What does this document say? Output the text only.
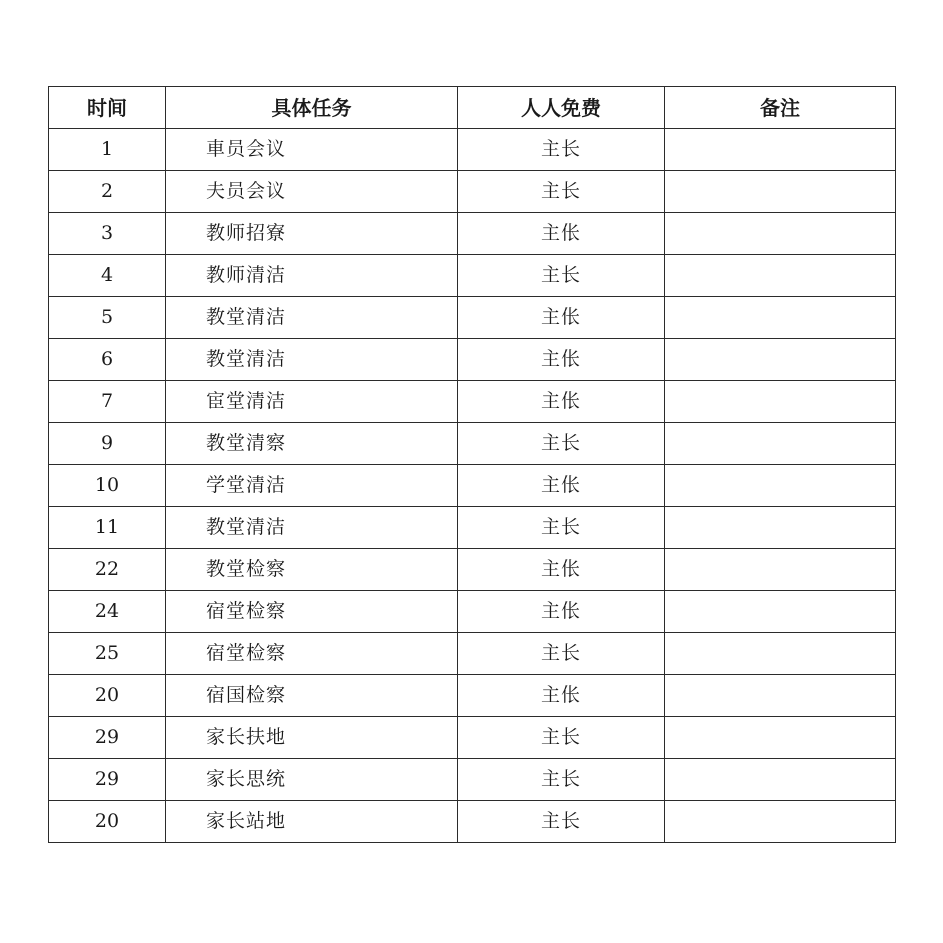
时间	具体任务	人人免费	备注
1	車员会议	主长	
2	夫员会议	主长	
3	教师招寮	主伥	
4	教师清洁	主长	
5	教堂清洁	主伥	
6	教堂清洁	主伥	
7	宦堂清洁	主伥	
9	教堂清察	主长	
10	学堂清洁	主伥	
11	教堂清洁	主长	
22	教堂检察	主伥	
24	宿堂检察	主伥	
25	宿堂检察	主长	
20	宿国检察	主伥	
29	家长扶地	主长	
29	家长思统	主长	
20	家长站地	主长	
